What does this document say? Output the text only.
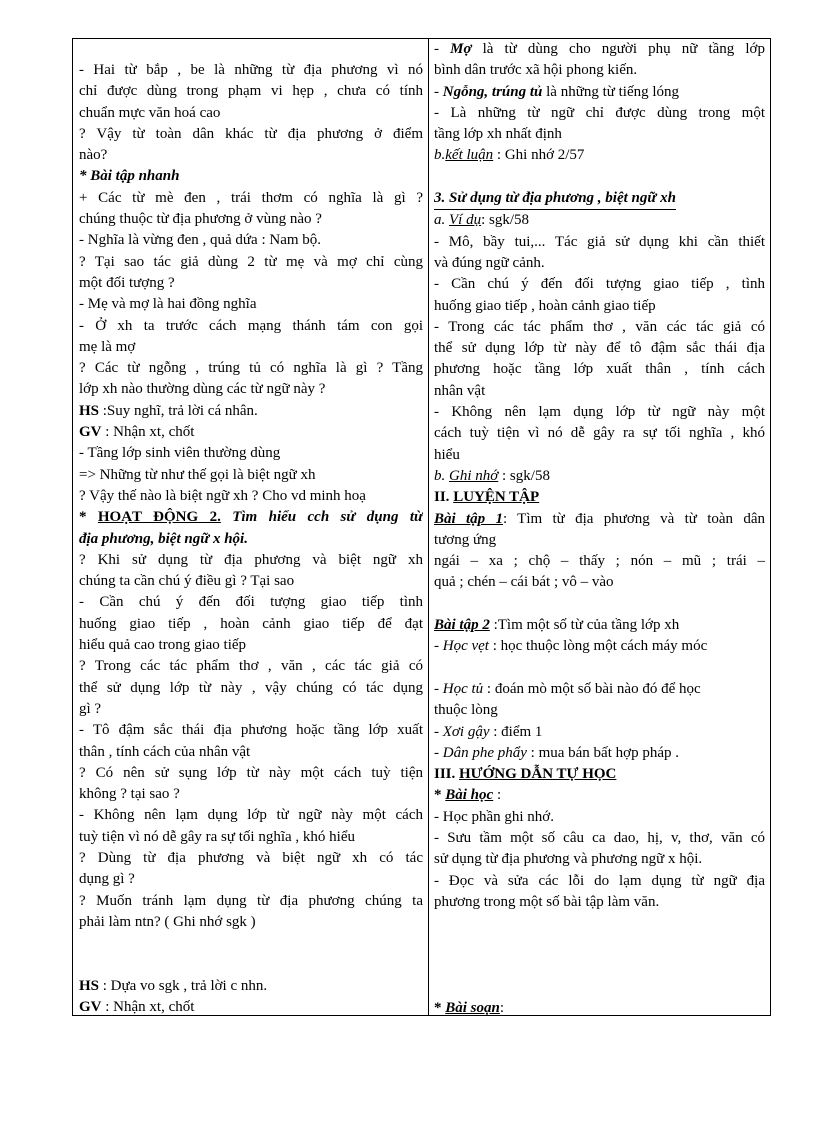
- Hai từ bắp , be là những từ địa phương vì nó
chỉ được dùng trong phạm vi hẹp , chưa có tính
chuẩn mực văn hoá cao
? Vậy từ toàn dân khác từ địa phương ở điểm
nào?
* Bài tập nhanh
+ Các từ mè đen , trái thơm có nghĩa là gì ?
chúng thuộc từ địa phương ở vùng nào ?
- Nghĩa là vừng đen , quả dứa : Nam bộ.
? Tại sao tác giả dùng 2 từ mẹ và mợ chỉ cùng
một đối tượng ?
- Mẹ và mợ là hai đồng nghĩa
- Ở xh ta trước cách mạng thánh tám con gọi
mẹ là mợ
? Các từ ngỗng , trúng tủ có nghĩa là gì ? Tầng
lớp xh nào thường dùng các từ ngữ này ?
HS :Suy nghĩ, trả lời cá nhân.
GV : Nhận xt, chốt
- Tầng lớp sinh viên thường dùng
=> Những từ như thế gọi là biệt ngữ xh
? Vậy thế nào là biệt ngữ xh ? Cho vd minh hoạ
* HOẠT ĐỘNG 2. Tìm hiểu cch sử dụng từ
địa phương, biệt ngữ x hội.
? Khi sử dụng từ địa phương và biệt ngữ xh
chúng ta cần chú ý điều gì ? Tại sao
- Cần chú ý đến đối tượng giao tiếp tình
huống giao tiếp , hoàn cảnh giao tiếp để đạt
hiểu quả cao trong giao tiếp
? Trong các tác phẩm thơ , văn , các tác giả có
thể sử dụng lớp từ này , vậy chúng có tác dụng
gì ?
- Tô đậm sắc thái địa phương hoặc tầng lớp xuất
thân , tính cách của nhân vật
? Có nên sử sụng lớp từ này một cách tuỳ tiện
không ? tại sao ?
- Không nên lạm dụng lớp từ ngữ này một cách
tuỳ tiện vì nó dễ gây ra sự tối nghĩa , khó hiểu
? Dùng từ địa phương và biệt ngữ xh có tác
dụng gì ?
? Muốn tránh lạm dụng từ địa phương chúng ta
phải làm ntn? ( Ghi nhớ sgk )
HS : Dựa vo sgk , trả lời c nhn.
GV : Nhận xt, chốt
- Mợ là từ dùng cho người phụ nữ tầng lớp
bình dân trước xã hội phong kiến.
- Ngỗng, trúng tủ là những từ tiếng lóng
- Là những từ ngữ chỉ được dùng trong một
tầng lớp xh nhất định
b.kết luận : Ghi nhớ 2/57
3. Sử dụng từ địa phương , biệt ngữ xh
a. Ví dụ: sgk/58
- Mô, bầy tui,... Tác giả sử dụng khi cần thiết
và đúng ngữ cảnh.
- Cần chú ý đến đối tượng giao tiếp , tình
huống giao tiếp , hoàn cảnh giao tiếp
- Trong các tác phẩm thơ , văn các tác giả có
thể sử dụng lớp từ này để tô đậm sắc thái địa
phương hoặc tầng lớp xuất thân , tính cách
nhân vật
- Không nên lạm dụng lớp từ ngữ này một
cách tuỳ tiện vì nó dễ gây ra sự tối nghĩa , khó
hiểu
b. Ghi nhớ : sgk/58
II. LUYỆN TẬP
Bài tập 1: Tìm từ địa phương và từ toàn dân
tương ứng
ngái – xa ; chộ – thấy ; nón – mũ ; trái –
quả ; chén – cái bát ; vô – vào
Bài tập 2 :Tìm một số từ của tầng lớp xh
- Học vẹt : học thuộc lòng một cách máy móc
- Học tủ : đoán mò một số bài nào đó để học
thuộc lòng
- Xơi gậy : điểm 1
- Dân phe phẩy : mua bán bất hợp pháp .
III. HƯỚNG DẪN TỰ HỌC
* Bài học :
- Học phần ghi nhớ.
- Sưu tầm một số câu ca dao, hị, v, thơ, văn có
sử dụng từ địa phương và phương ngữ x hội.
- Đọc và sửa các lỗi do lạm dụng từ ngữ địa
phương trong một số bài tập làm văn.
* Bài soạn:
